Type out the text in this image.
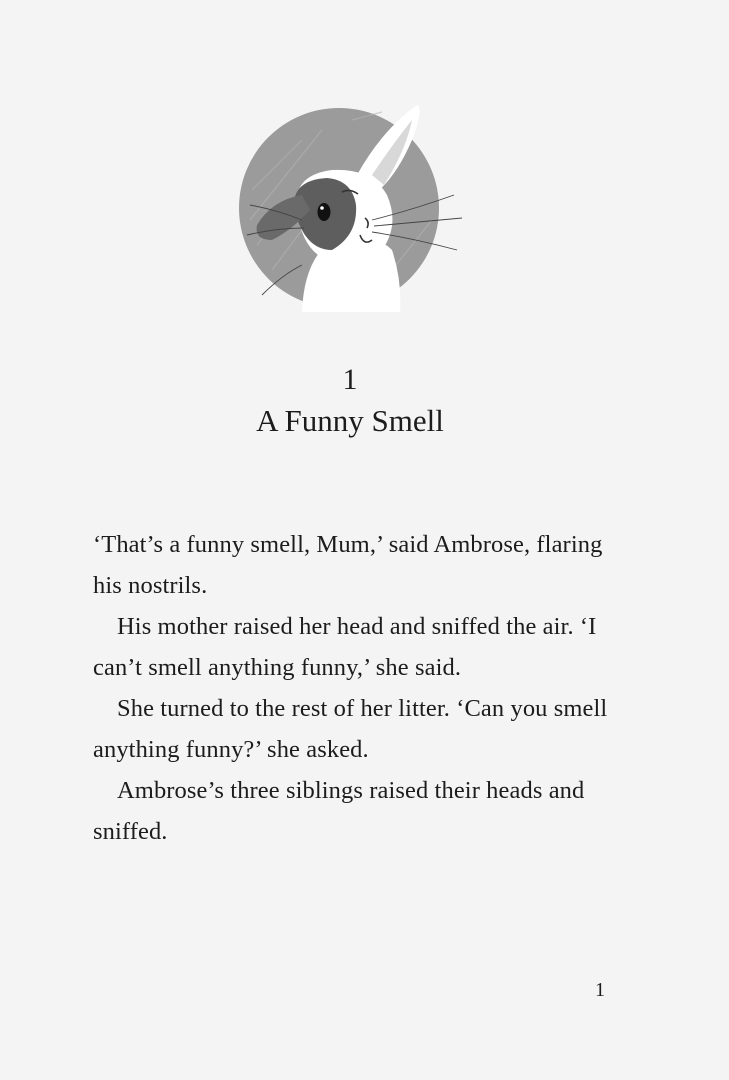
1
A Funny Smell

‘That’s a funny smell, Mum,’ said Ambrose, flaring his nostrils.

His mother raised her head and sniffed the air. ‘I can’t smell anything funny,’ she said.

She turned to the rest of her litter. ‘Can you smell anything funny?’ she asked.

Ambrose’s three siblings raised their heads and sniffed.

1
